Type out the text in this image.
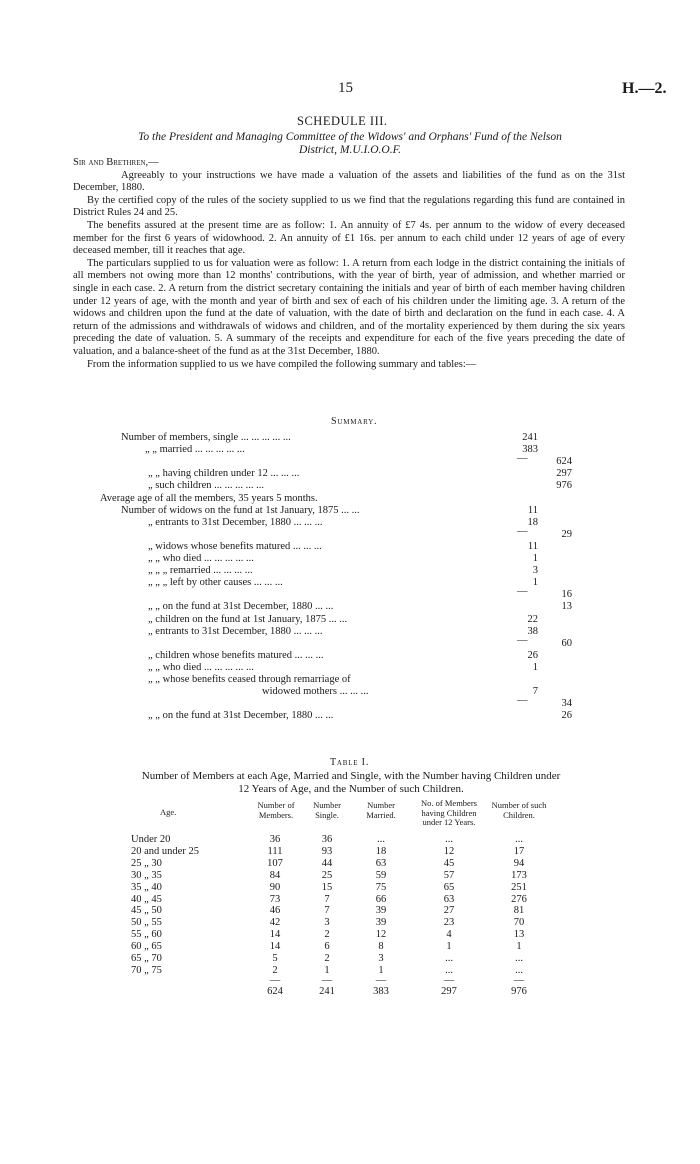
15	H.—2.
SCHEDULE III.
To the President and Managing Committee of the Widows' and Orphans' Fund of the Nelson
District, M.U.I.O.O.F.

Sir and Brethren,—

Agreeably to your instructions we have made a valuation of the assets and liabilities of the fund as on the 31st December, 1880.

By the certified copy of the rules of the society supplied to us we find that the regulations regarding this fund are contained in District Rules 24 and 25.

The benefits assured at the present time are as follow: 1. An annuity of £7 4s. per annum to the widow of every deceased member for the first 6 years of widowhood. 2. An annuity of £1 16s. per annum to each child under 12 years of age of every deceased member, till it reaches that age.

The particulars supplied to us for valuation were as follow: 1. A return from each lodge in the district containing the initials of all members not owing more than 12 months' contributions, with the year of birth, year of admission, and whether married or single in each case. 2. A return from the district secretary containing the initials and year of birth of each member having children under 12 years of age, with the month and year of birth and sex of each of his children under the limiting age. 3. A return of the widows and children upon the fund at the date of valuation, with the date of birth and declaration on the fund in each case. 4. A return of the admissions and withdrawals of widows and children, and of the mortality experienced by them during the six years preceding the date of valuation. 5. A summary of the receipts and expenditure for each of the five years preceding the date of valuation, and a balance-sheet of the fund as at the 31st December, 1880.

From the information supplied to us we have compiled the following summary and tables:—

Summary.
Number of members, single ... ... ... ... ...	241
„ „ married ... ... ... ... ...	383
624
—
„ „ having children under 12 ... ... ...	297
„ such children ... ... ... ... ...	976
Average age of all the members, 35 years 5 months.
Number of widows on the fund at 1st January, 1875 ... ...	11
„ entrants to 31st December, 1880 ... ... ...	18
29
—
„ widows whose benefits matured ... ... ...	11
„ „ who died ... ... ... ... ...	1
„ „ „ remarried ... ... ... ...	3
„ „ „ left by other causes ... ... ...	1
16
—
„ „ on the fund at 31st December, 1880 ... ...	13
„ children on the fund at 1st January, 1875 ... ...	22
„ entrants to 31st December, 1880 ... ... ...	38
60
—
„ children whose benefits matured ... ... ...	26
„ „ who died ... ... ... ... ...	1
„ „ whose benefits ceased through remarriage of
widowed mothers ... ... ...	7
34
—
„ „ on the fund at 31st December, 1880 ... ...	26
Table I.
Number of Members at each Age, Married and Single, with the Number having Children under
12 Years of Age, and the Number of such Children.
Age.
Number of Members.
Number Single.
Number Married.
No. of Members having Children under 12 Years.
Number of such Children.
Under 20	36	36	...	...	...
20 and under 25	111	93	18	12	17
25 „ 30	107	44	63	45	94
30 „ 35	84	25	59	57	173
35 „ 40	90	15	75	65	251
40 „ 45	73	7	66	63	276
45 „ 50	46	7	39	27	81
50 „ 55	42	3	39	23	70
55 „ 60	14	2	12	4	13
60 „ 65	14	6	8	1	1
65 „ 70	5	2	3	...	...
70 „ 75	2	1	1	...	...
—	—	—	—	—
624	241	383	297	976
